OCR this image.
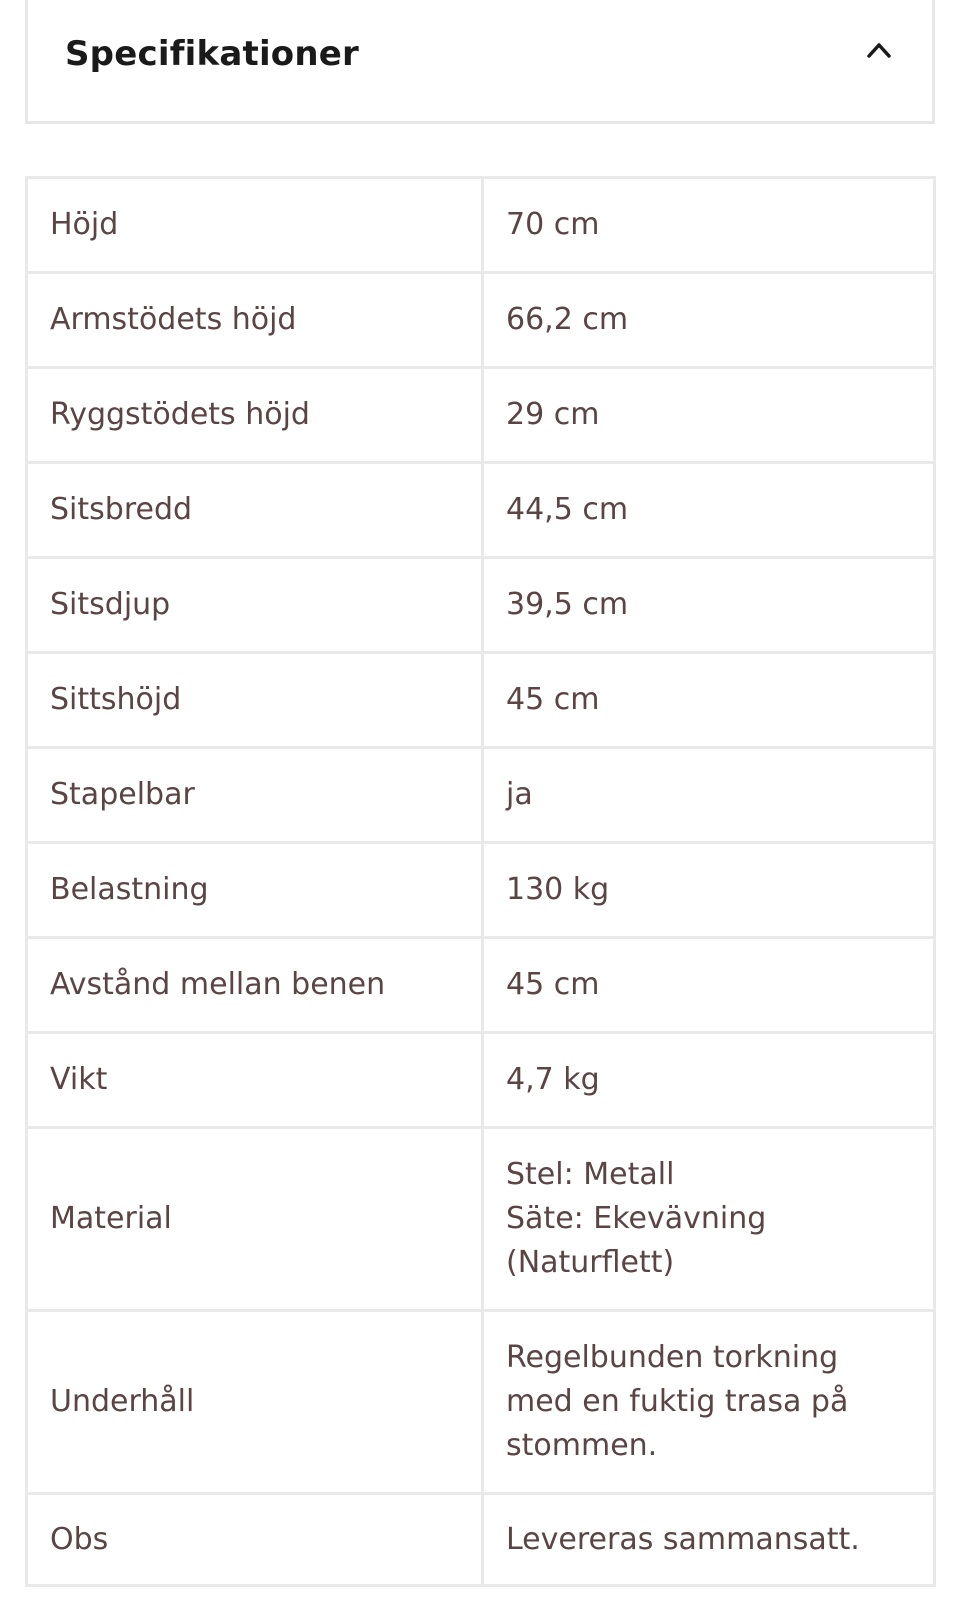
Specifikationer
Höjd	70 cm

Armstödets höjd	66,2 cm

Ryggstödets höjd	29 cm

Sitsbredd	44,5 cm

Sitsdjup	39,5 cm

Sittshöjd	45 cm

Stapelbar	ja

Belastning	130 kg

Avstånd mellan benen	45 cm

Vikt	4,7 kg

Material	Stel: Metall
Säte: Ekevävning
(Naturflett)

Underhåll	Regelbunden torkning
med en fuktig trasa på
stommen.

Obs	Levereras sammansatt.
